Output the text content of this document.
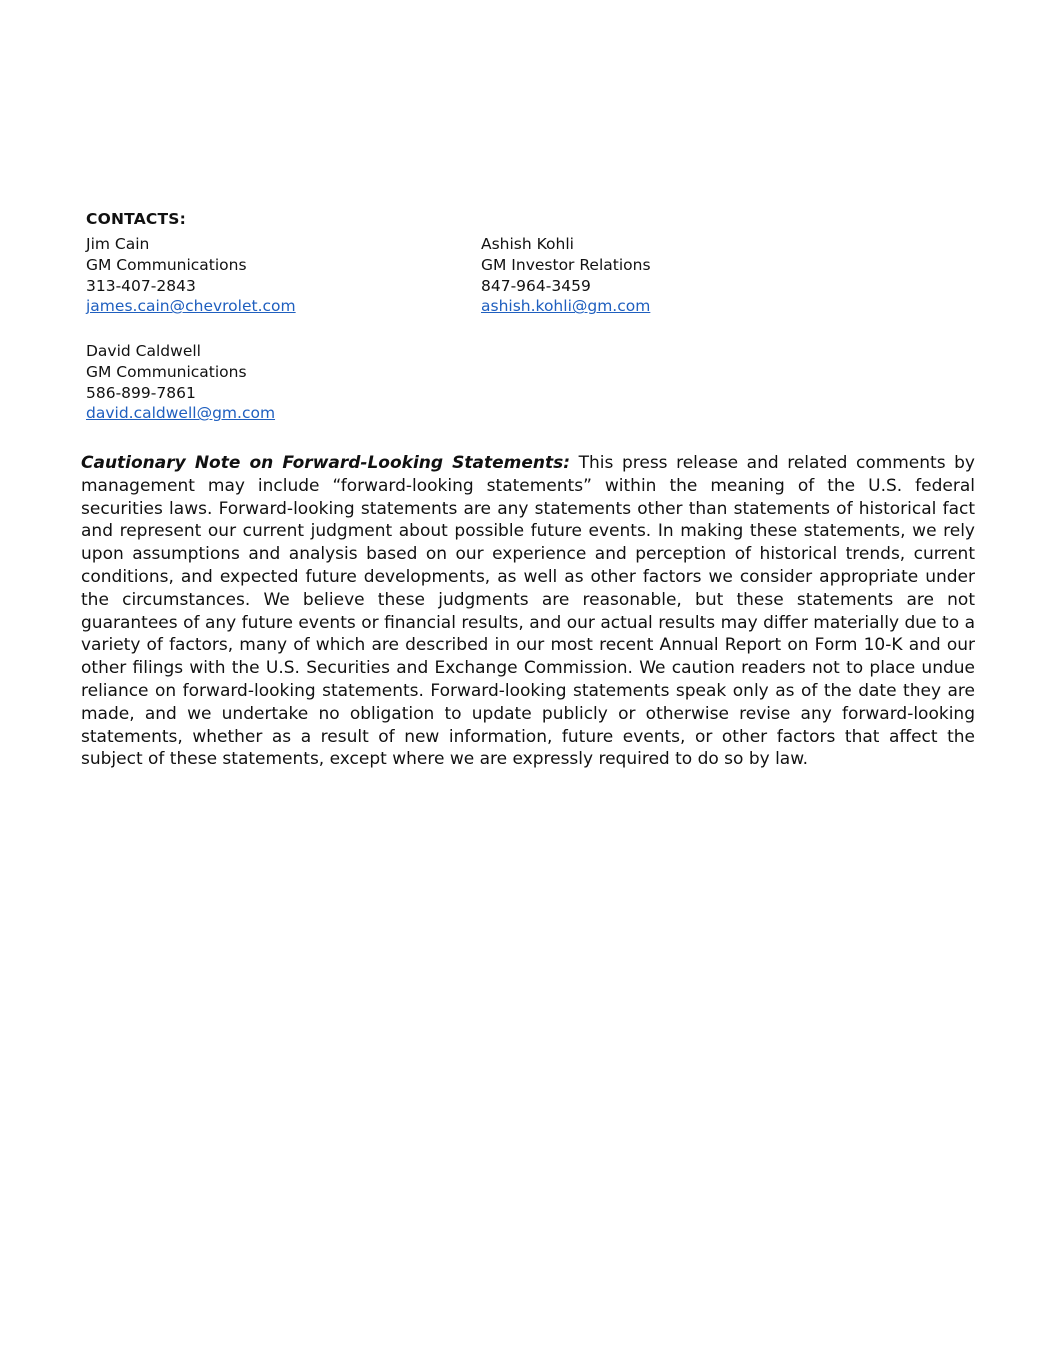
CONTACTS:
Jim Cain
GM Communications
313-407-2843
james.cain@chevrolet.com
Ashish Kohli
GM Investor Relations
847-964-3459
ashish.kohli@gm.com
David Caldwell
GM Communications
586-899-7861
david.caldwell@gm.com

Cautionary Note on Forward-Looking Statements: This press release and related comments by management may include “forward-looking statements” within the meaning of the U.S. federal securities laws. Forward-looking statements are any statements other than statements of historical fact and represent our current judgment about possible future events. In making these statements, we rely upon assumptions and analysis based on our experience and perception of historical trends, current conditions, and expected future developments, as well as other factors we consider appropriate under the circumstances. We believe these judgments are reasonable, but these statements are not guarantees of any future events or financial results, and our actual results may differ materially due to a variety of factors, many of which are described in our most recent Annual Report on Form 10-K and our other filings with the U.S. Securities and Exchange Commission. We caution readers not to place undue reliance on forward-looking statements. Forward-looking statements speak only as of the date they are made, and we undertake no obligation to update publicly or otherwise revise any forward-looking statements, whether as a result of new information, future events, or other factors that affect the subject of these statements, except where we are expressly required to do so by law.
